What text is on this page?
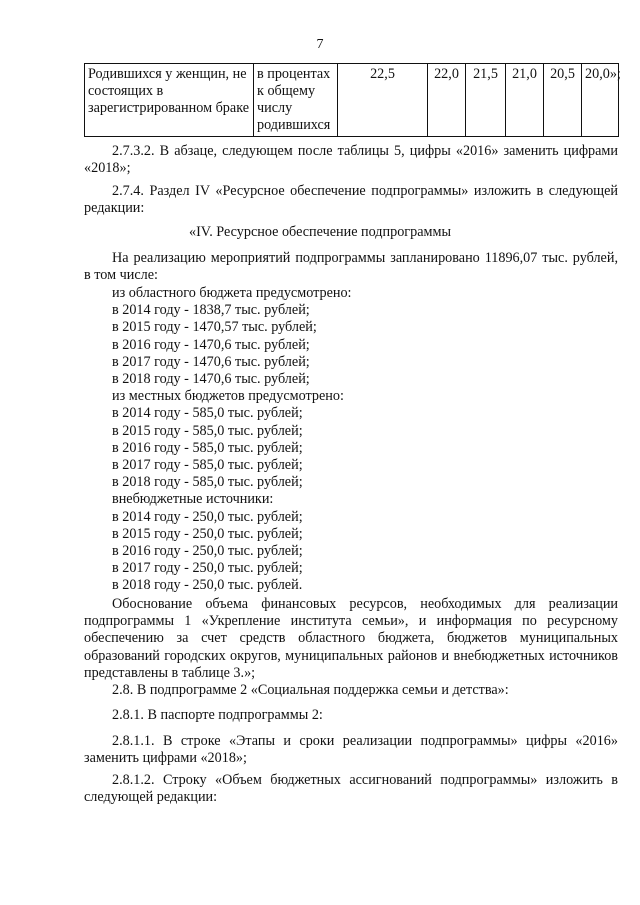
7
Родившихся у женщин, не состоящих в зарегистрированном браке	в процентах к общему числу родившихся	22,5	22,0	21,5	21,0	20,5	20,0»;

2.7.3.2. В абзаце, следующем после таблицы 5, цифры «2016» заменить цифрами «2018»;

2.7.4. Раздел IV «Ресурсное обеспечение подпрограммы» изложить в следующей редакции:

«IV. Ресурсное обеспечение подпрограммы

На реализацию мероприятий подпрограммы запланировано 11896,07 тыс. рублей, в том числе:

из областного бюджета предусмотрено:

в 2014 году - 1838,7 тыс. рублей;

в 2015 году - 1470,57 тыс. рублей;

в 2016 году - 1470,6 тыс. рублей;

в 2017 году - 1470,6 тыс. рублей;

в 2018 году - 1470,6 тыс. рублей;

из местных бюджетов предусмотрено:

в 2014 году - 585,0 тыс. рублей;

в 2015 году - 585,0 тыс. рублей;

в 2016 году - 585,0 тыс. рублей;

в 2017 году - 585,0 тыс. рублей;

в 2018 году - 585,0 тыс. рублей;

внебюджетные источники:

в 2014 году - 250,0 тыс. рублей;

в 2015 году - 250,0 тыс. рублей;

в 2016 году - 250,0 тыс. рублей;

в 2017 году - 250,0 тыс. рублей;

в 2018 году - 250,0 тыс. рублей.

Обоснование объема финансовых ресурсов, необходимых для реализации подпрограммы 1 «Укрепление института семьи», и информация по ресурсному обеспечению за счет средств областного бюджета, бюджетов муниципальных образований городских округов, муниципальных районов и внебюджетных источников представлены в таблице 3.»;

2.8. В подпрограмме 2 «Социальная поддержка семьи и детства»:

2.8.1. В паспорте подпрограммы 2:

2.8.1.1. В строке «Этапы и сроки реализации подпрограммы» цифры «2016» заменить цифрами «2018»;

2.8.1.2. Строку «Объем бюджетных ассигнований подпрограммы» изложить в следующей редакции:
